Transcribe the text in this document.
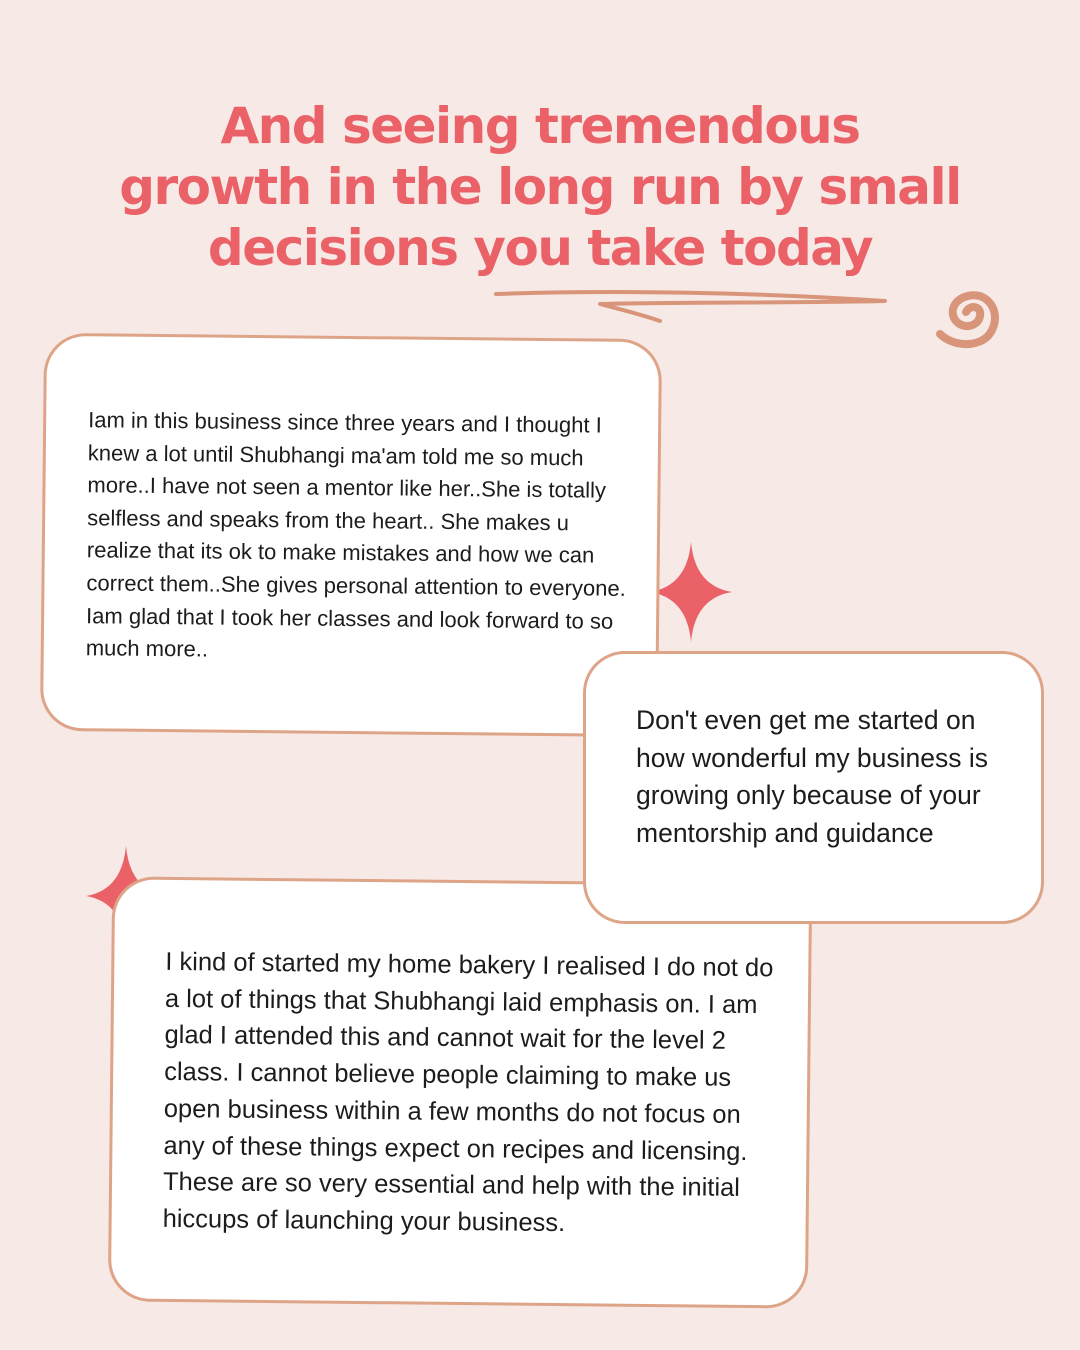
And seeing tremendous
growth in the long run by small
decisions you take today

Iam in this business since three years and I thought I knew a lot until Shubhangi ma'am told me so much more..I have not seen a mentor like her..She is totally selfless and speaks from the heart.. She makes u realize that its ok to make mistakes and how we can correct them..She gives personal attention to everyone. Iam glad that I took her classes and look forward to so much more..

I kind of started my home bakery I realised I do not do a lot of things that Shubhangi laid emphasis on. I am glad I attended this and cannot wait for the level 2 class. I cannot believe people claiming to make us open business within a few months do not focus on any of these things expect on recipes and licensing. These are so very essential and help with the initial hiccups of launching your business.

Don't even get me started on how wonderful my business is growing only because of your mentorship and guidance
